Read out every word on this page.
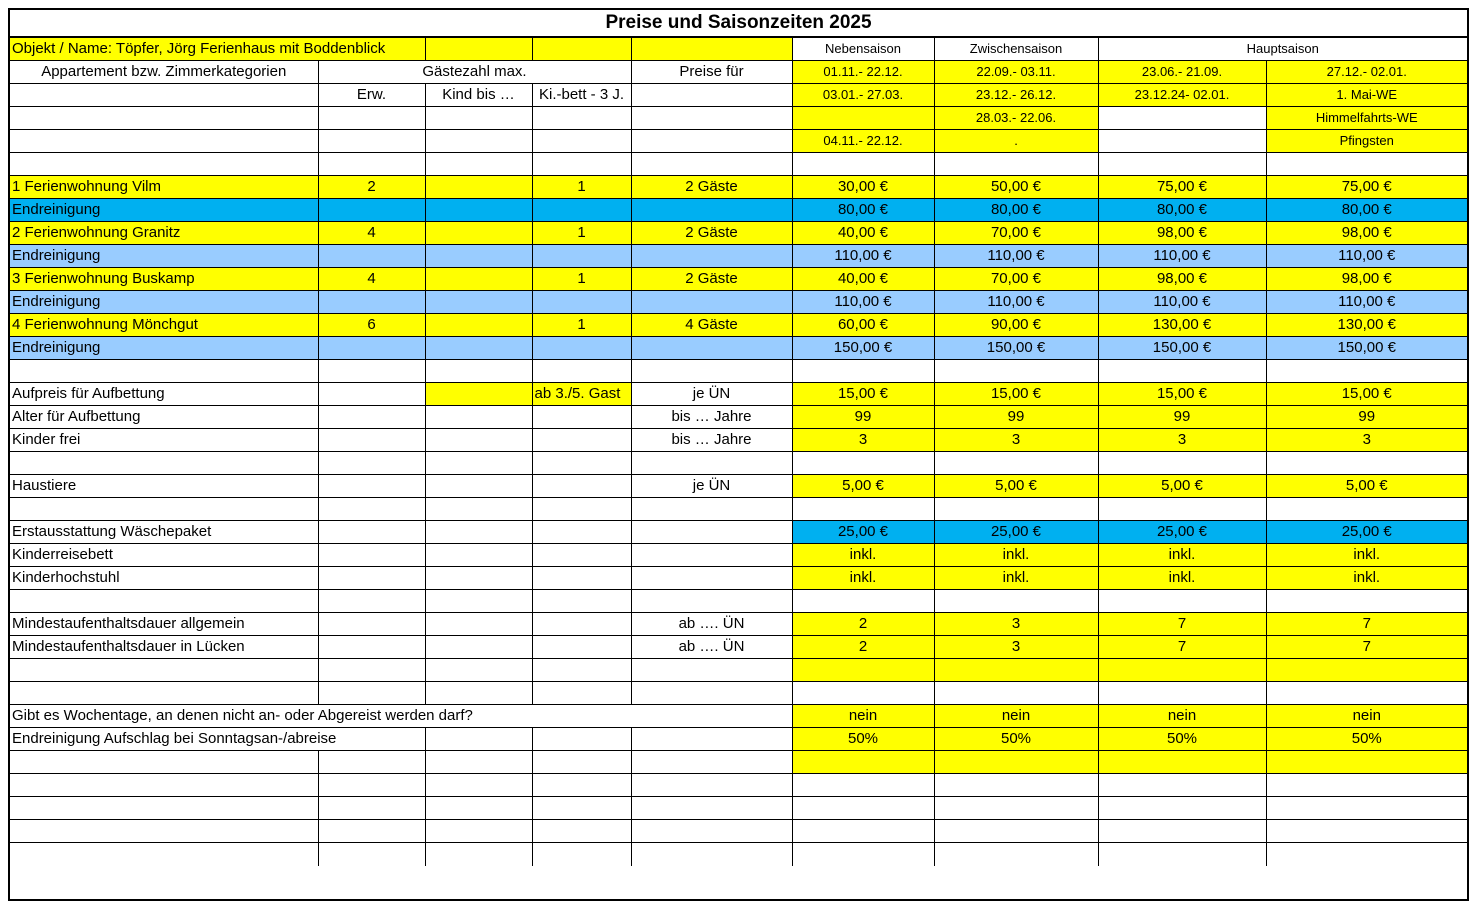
Preise und Saisonzeiten 2025
Objekt / Name: Töpfer, Jörg Ferienhaus mit Boddenblick					Nebensaison	Zwischensaison	Hauptsaison	
Appartement bzw. Zimmerkategorien	Gästezahl max.			Preise für	01.11.- 22.12.	22.09.- 03.11.	23.06.- 21.09.	27.12.- 02.01.
	Erw.	Kind bis …	Ki.-bett - 3 J.		03.01.- 27.03.	23.12.- 26.12.	23.12.24- 02.01.	1. Mai-WE
						28.03.- 22.06.		Himmelfahrts-WE
					04.11.- 22.12.	.		Pfingsten

1 Ferienwohnung Vilm	2		1	2 Gäste	30,00 €	50,00 €	75,00 €	75,00 €
Endreinigung					80,00 €	80,00 €	80,00 €	80,00 €
2 Ferienwohnung Granitz	4		1	2 Gäste	40,00 €	70,00 €	98,00 €	98,00 €
Endreinigung					110,00 €	110,00 €	110,00 €	110,00 €
3 Ferienwohnung Buskamp	4		1	2 Gäste	40,00 €	70,00 €	98,00 €	98,00 €
Endreinigung					110,00 €	110,00 €	110,00 €	110,00 €
4 Ferienwohnung Mönchgut	6		1	4 Gäste	60,00 €	90,00 €	130,00 €	130,00 €
Endreinigung					150,00 €	150,00 €	150,00 €	150,00 €

Aufpreis für Aufbettung			ab 3./5. Gast	je ÜN	15,00 €	15,00 €	15,00 €	15,00 €
Alter für Aufbettung				bis … Jahre	99	99	99	99
Kinder frei				bis … Jahre	3	3	3	3

Haustiere				je ÜN	5,00 €	5,00 €	5,00 €	5,00 €

Erstausstattung Wäschepaket					25,00 €	25,00 €	25,00 €	25,00 €
Kinderreisebett					inkl.	inkl.	inkl.	inkl.
Kinderhochstuhl					inkl.	inkl.	inkl.	inkl.

Mindestaufenthaltsdauer allgemein				ab …. ÜN	2	3	7	7
Mindestaufenthaltsdauer in Lücken				ab …. ÜN	2	3	7	7

Gibt es Wochentage, an denen nicht an- oder Abgereist werden darf?					nein	nein	nein	nein
Endreinigung Aufschlag bei Sonntagsan-/abreise					50%	50%	50%	50%
